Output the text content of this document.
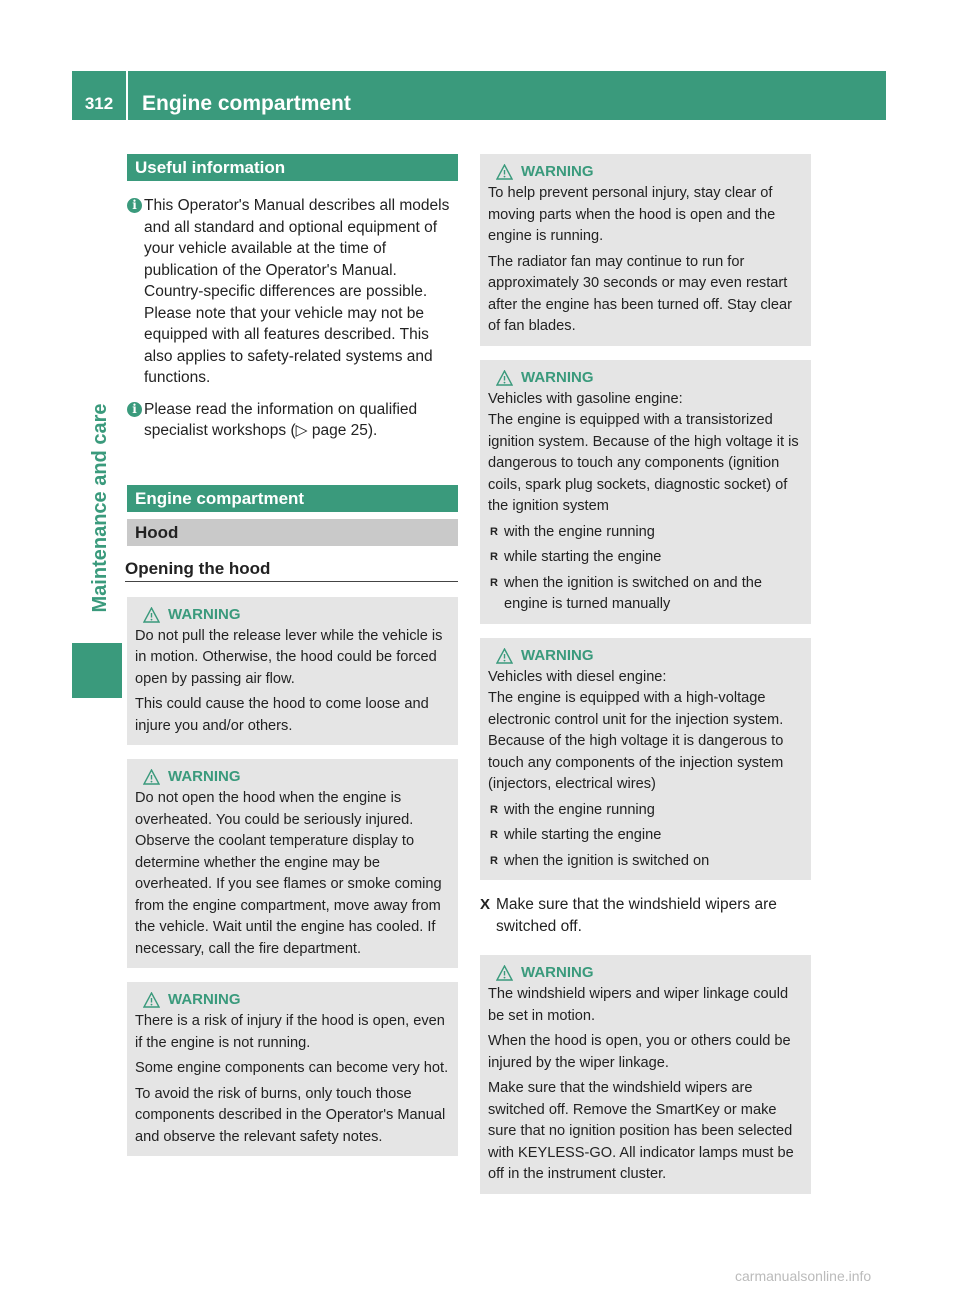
312	Engine compartment
Maintenance and care
Useful information
i This Operator's Manual describes all models and all standard and optional equipment of your vehicle available at the time of publication of the Operator's Manual. Country-specific differences are possible. Please note that your vehicle may not be equipped with all features described. This also applies to safety-related systems and functions.
i Please read the information on qualified specialist workshops (▷ page 25).
Engine compartment
Hood
Opening the hood
WARNING

Do not pull the release lever while the vehicle is in motion. Otherwise, the hood could be forced open by passing air flow.

This could cause the hood to come loose and injure you and/or others.

WARNING

Do not open the hood when the engine is overheated. You could be seriously injured. Observe the coolant temperature display to determine whether the engine may be overheated. If you see flames or smoke coming from the engine compartment, move away from the vehicle. Wait until the engine has cooled. If necessary, call the fire department.

WARNING

There is a risk of injury if the hood is open, even if the engine is not running.

Some engine components can become very hot.

To avoid the risk of burns, only touch those components described in the Operator's Manual and observe the relevant safety notes.

WARNING

To help prevent personal injury, stay clear of moving parts when the hood is open and the engine is running.

The radiator fan may continue to run for approximately 30 seconds or may even restart after the engine has been turned off. Stay clear of fan blades.

WARNING

Vehicles with gasoline engine:

The engine is equipped with a transistorized ignition system. Because of the high voltage it is dangerous to touch any components (ignition coils, spark plug sockets, diagnostic socket) of the ignition system

R with the engine running

R while starting the engine

R when the ignition is switched on and the engine is turned manually

WARNING

Vehicles with diesel engine:

The engine is equipped with a high-voltage electronic control unit for the injection system. Because of the high voltage it is dangerous to touch any components of the injection system (injectors, electrical wires)

R with the engine running

R while starting the engine

R when the ignition is switched on

X Make sure that the windshield wipers are switched off.
WARNING

The windshield wipers and wiper linkage could be set in motion.

When the hood is open, you or others could be injured by the wiper linkage.

Make sure that the windshield wipers are switched off. Remove the SmartKey or make sure that no ignition position has been selected with KEYLESS-GO. All indicator lamps must be off in the instrument cluster.

carmanualsonline.info
